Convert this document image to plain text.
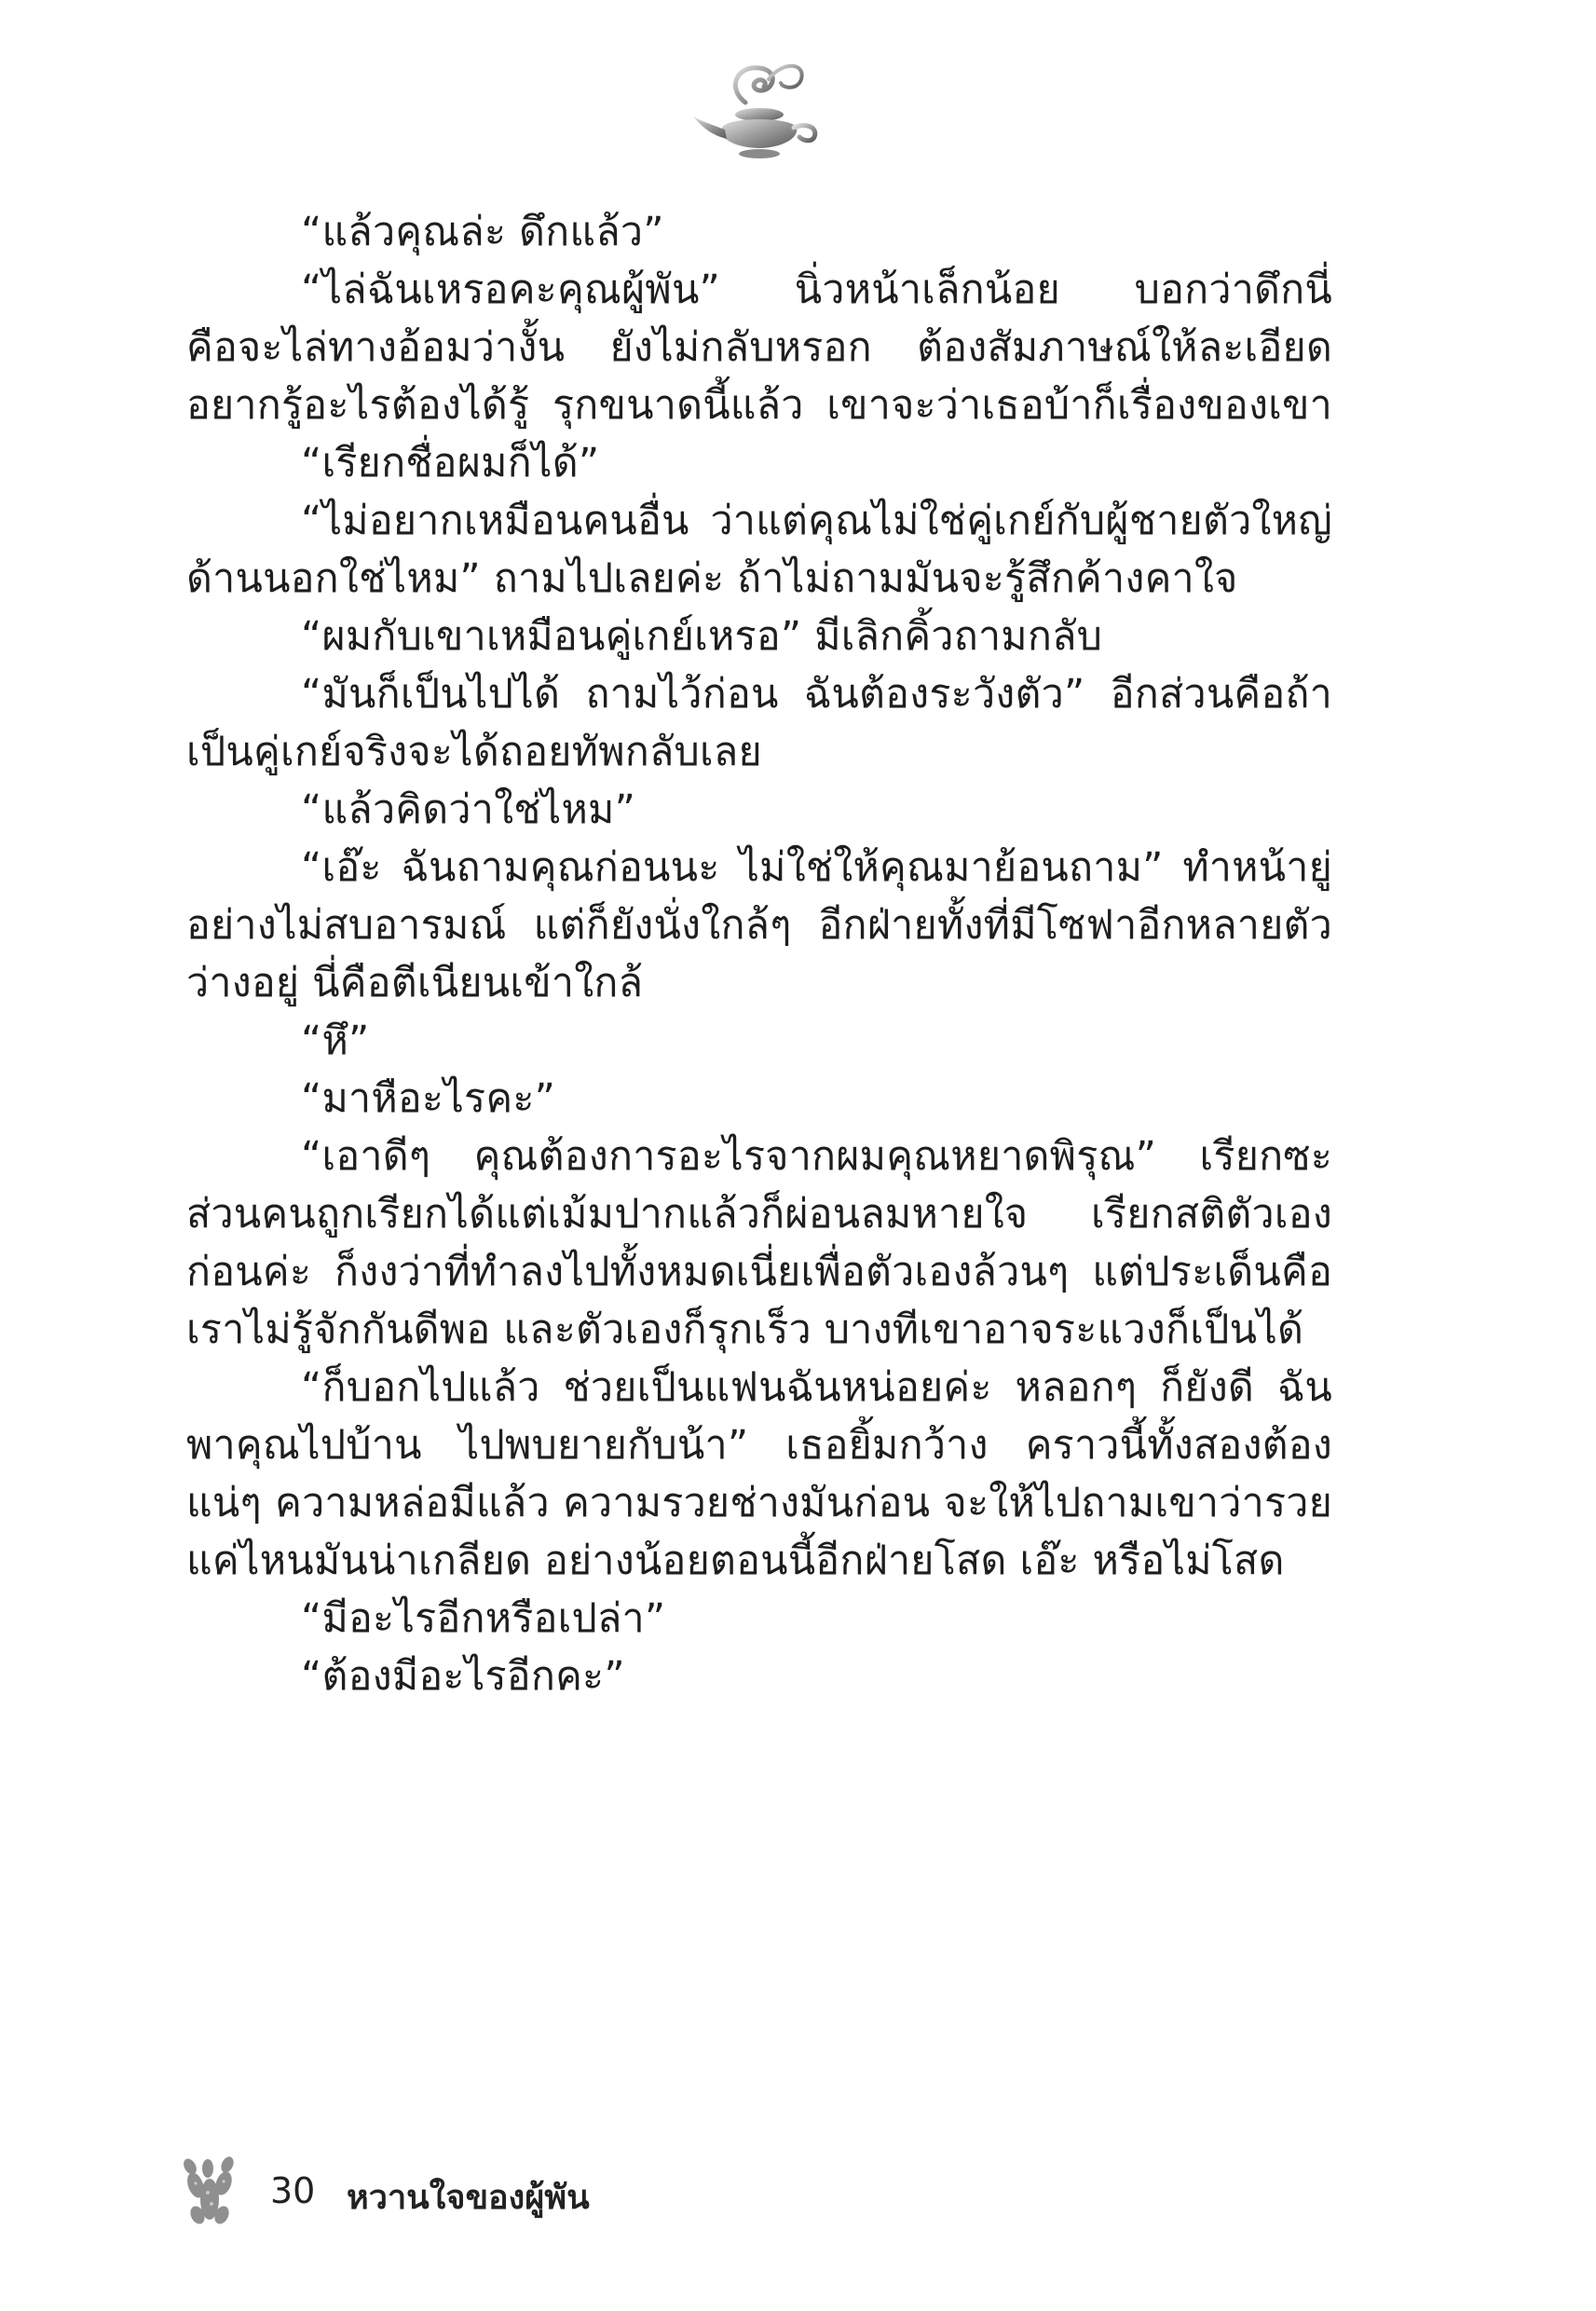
“แล้วคุณล่ะ ดึกแล้ว”
“ไล่ฉันเหรอคะคุณผู้พัน” นิ่วหน้าเล็กน้อย บอกว่าดึกนี่
คือจะไล่ทางอ้อมว่างั้น ยังไม่กลับหรอก ต้องสัมภาษณ์ให้ละเอียด
อยากรู้อะไรต้องได้รู้ รุกขนาดนี้แล้ว เขาจะว่าเธอบ้าก็เรื่องของเขา
“เรียกชื่อผมก็ได้”
“ไม่อยากเหมือนคนอื่น ว่าแต่คุณไม่ใช่คู่เกย์กับผู้ชายตัวใหญ่
ด้านนอกใช่ไหม” ถามไปเลยค่ะ ถ้าไม่ถามมันจะรู้สึกค้างคาใจ
“ผมกับเขาเหมือนคู่เกย์เหรอ” มีเลิกคิ้วถามกลับ
“มันก็เป็นไปได้ ถามไว้ก่อน ฉันต้องระวังตัว” อีกส่วนคือถ้า
เป็นคู่เกย์จริงจะได้ถอยทัพกลับเลย
“แล้วคิดว่าใช่ไหม”
“เอ๊ะ ฉันถามคุณก่อนนะ ไม่ใช่ให้คุณมาย้อนถาม” ทำหน้ายู่
อย่างไม่สบอารมณ์ แต่ก็ยังนั่งใกล้ๆ อีกฝ่ายทั้งที่มีโซฟาอีกหลายตัว
ว่างอยู่ นี่คือตีเนียนเข้าใกล้
“หึ”
“มาหือะไรคะ”
“เอาดีๆ คุณต้องการอะไรจากผมคุณหยาดพิรุณ” เรียกซะ
ส่วนคนถูกเรียกได้แต่เม้มปากแล้วก็ผ่อนลมหายใจ เรียกสติตัวเอง
ก่อนค่ะ ก็งงว่าที่ทำลงไปทั้งหมดเนี่ยเพื่อตัวเองล้วนๆ แต่ประเด็นคือ
เราไม่รู้จักกันดีพอ และตัวเองก็รุกเร็ว บางทีเขาอาจระแวงก็เป็นได้
“ก็บอกไปแล้ว ช่วยเป็นแฟนฉันหน่อยค่ะ หลอกๆ ก็ยังดี ฉัน
พาคุณไปบ้าน ไปพบยายกับน้า” เธอยิ้มกว้าง คราวนี้ทั้งสองต้อง
แน่ๆ ความหล่อมีแล้ว ความรวยช่างมันก่อน จะให้ไปถามเขาว่ารวย
แค่ไหนมันน่าเกลียด อย่างน้อยตอนนี้อีกฝ่ายโสด เอ๊ะ หรือไม่โสด
“มีอะไรอีกหรือเปล่า”
“ต้องมีอะไรอีกคะ”
30 หวานใจของผู้พัน
